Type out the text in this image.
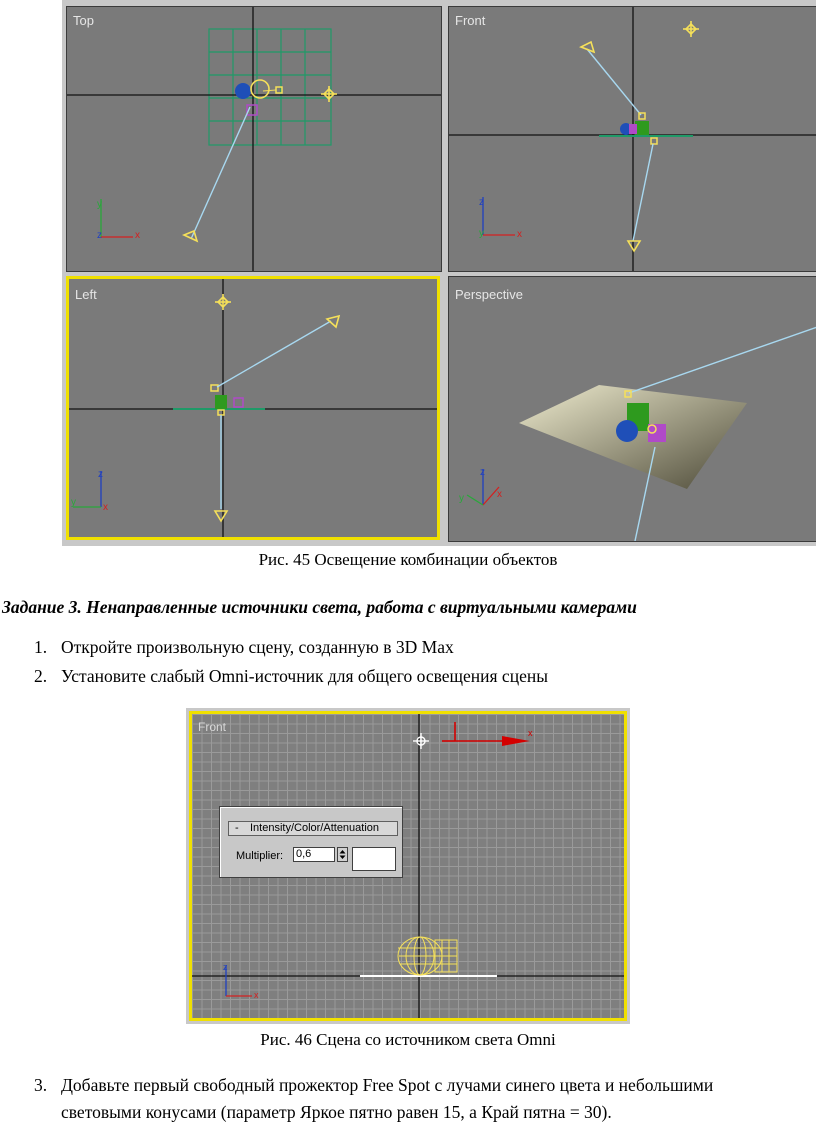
Top
y
x
z
Front
z
x
y
Left
z
x
y
Perspective
z
x
y
Рис. 45 Освещение комбинации объектов
Задание 3. Ненаправленные источники света, работа с виртуальными камерами
1. Откройте произвольную сцену, созданную в 3D Max
2. Установите слабый Omni-источник для общего освещения сцены
Front	x
z
x
- Intensity/Color/Attenuation
Multiplier: 0,6
Рис. 46 Сцена со источником света Omni
3. Добавьте первый свободный прожектор Free Spot с лучами синего цвета и небольшими
световыми конусами (параметр Яркое пятно равен 15, а Край пятна = 30).
